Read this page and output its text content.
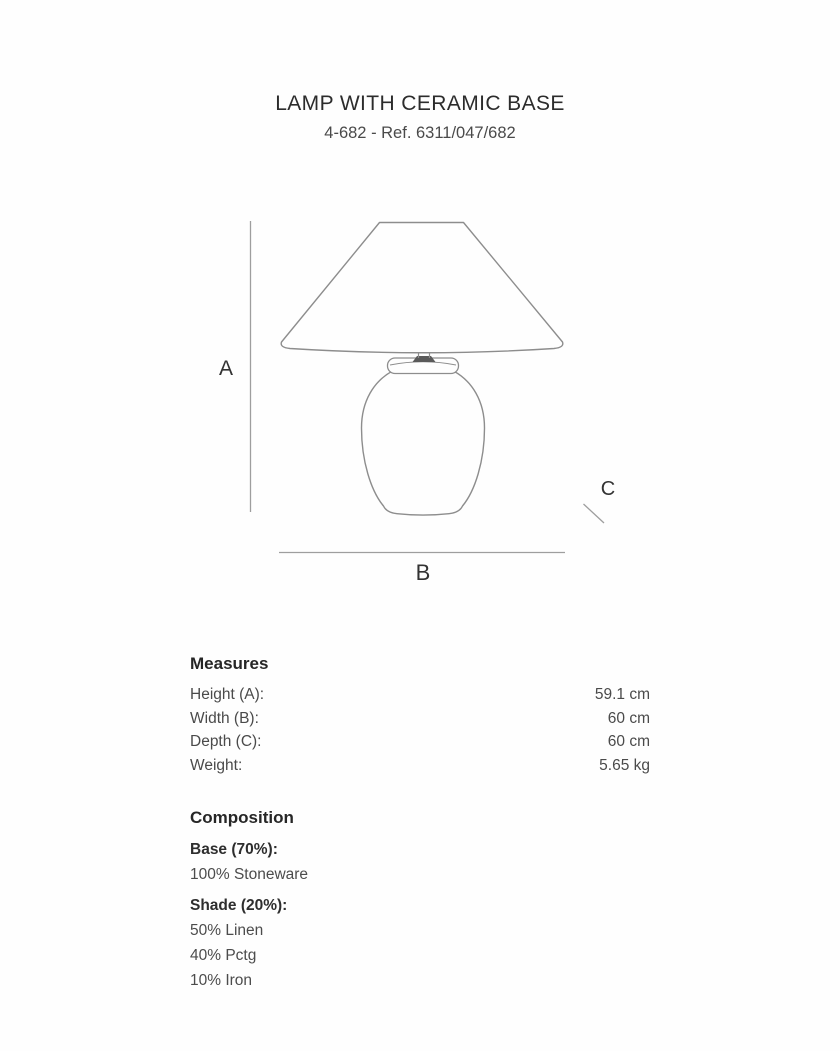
LAMP WITH CERAMIC BASE
4-682 - Ref. 6311/047/682
A
B
C
Measures
Height (A):	59.1 cm
Width (B):	60 cm
Depth (C):	60 cm
Weight:	5.65 kg
Composition
Base (70%):
100% Stoneware
Shade (20%):
50% Linen
40% Pctg
10% Iron
